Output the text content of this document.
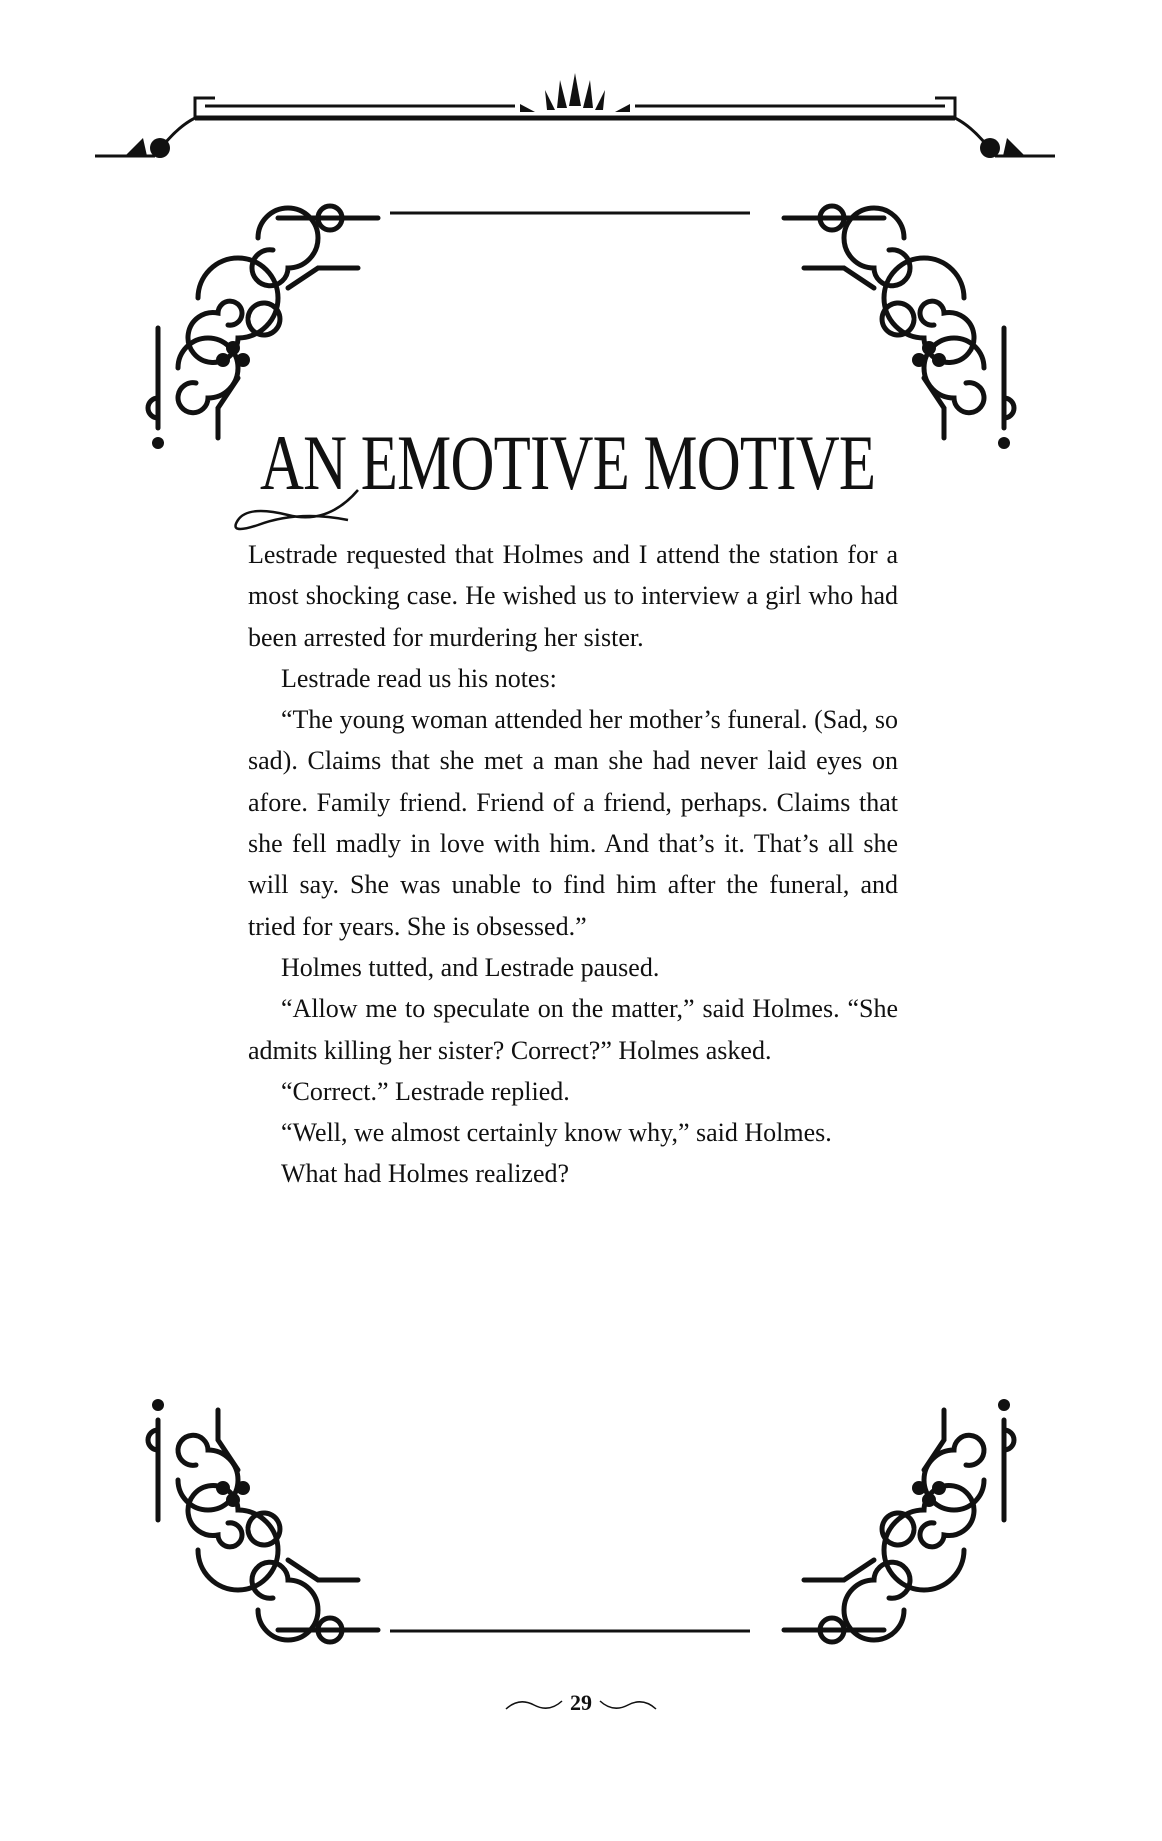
AN EMOTIVE MOTIVE

Lestrade requested that Holmes and I attend the station for a most shocking case. He wished us to interview a girl who had been arrested for murdering her sister.

Lestrade read us his notes:

“The young woman attended her mother’s funeral. (Sad, so sad). Claims that she met a man she had never laid eyes on afore. Family friend. Friend of a friend, perhaps. Claims that she fell madly in love with him. And that’s it. That’s all she will say. She was unable to find him after the funeral, and tried for years. She is obsessed.”

Holmes tutted, and Lestrade paused.

“Allow me to speculate on the matter,” said Holmes. “She admits killing her sister? Correct?” Holmes asked.

“Correct.” Lestrade replied.

“Well, we almost certainly know why,” said Holmes.

What had Holmes realized?

29
